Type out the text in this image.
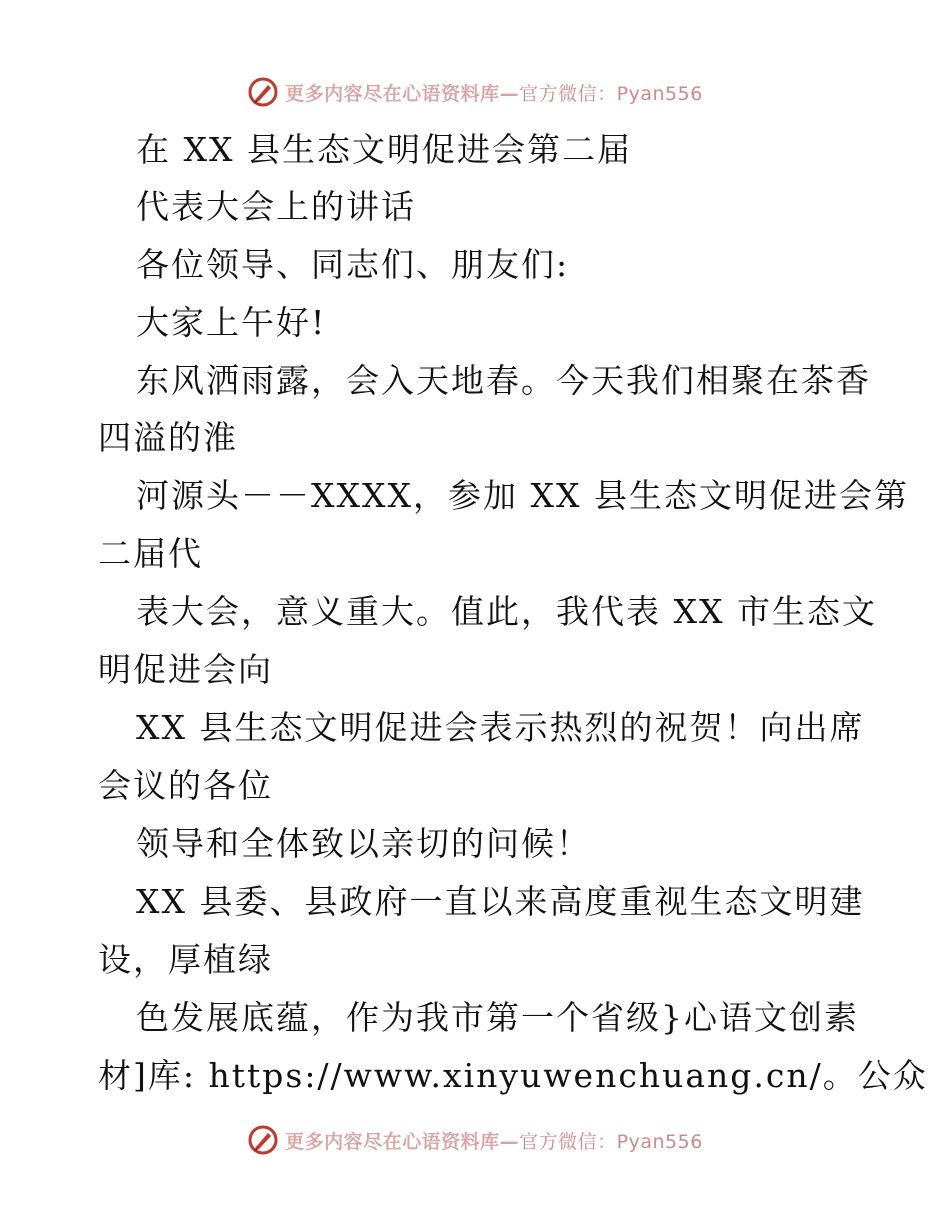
更多内容尽在心语资料库—官方微信：Pyan556
在 XX 县生态文明促进会第二届
代表大会上的讲话
各位领导、同志们、朋友们:
大家上午好!
东风洒雨露，会入天地春。今天我们相聚在茶香
四溢的淮
河源头－－XXXX，参加 XX 县生态文明促进会第
二届代
表大会，意义重大。值此，我代表 XX 市生态文
明促进会向
XX 县生态文明促进会表示热烈的祝贺！向出席
会议的各位
领导和全体致以亲切的问候！
XX 县委、县政府一直以来高度重视生态文明建
设，厚植绿
色发展底蕴，作为我市第一个省级}心语文创素
材]库: https://www.xinyuwenchuang.cn/。公众
更多内容尽在心语资料库—官方微信：Pyan556
